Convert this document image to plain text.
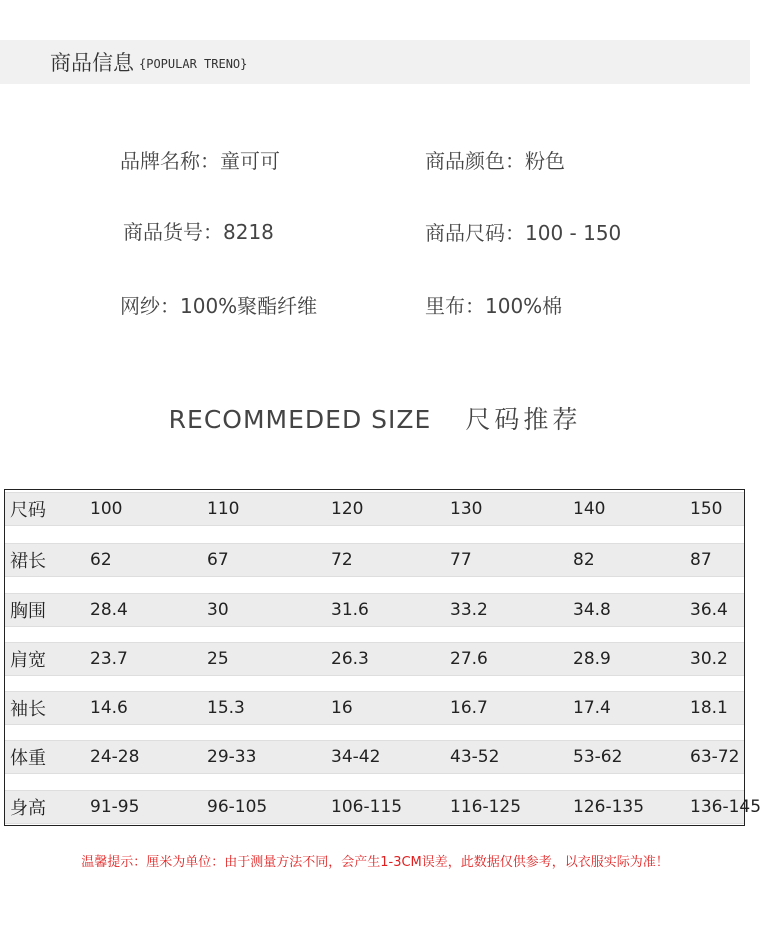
商品信息 {POPULAR TRENO}
品牌名称：童可可	商品颜色：粉色
商品货号：8218	商品尺码：100 - 150
网纱：100%聚酯纤维	里布：100%棉
RECOMMEDED SIZE 尺码推荐
尺码	100	110	120	130	140	150
裙长	62	67	72	77	82	87
胸围	28.4	30	31.6	33.2	34.8	36.4
肩宽	23.7	25	26.3	27.6	28.9	30.2
袖长	14.6	15.3	16	16.7	17.4	18.1
体重	24-28	29-33	34-42	43-52	53-62	63-72
身高	91-95	96-105	106-115	116-125	126-135	136-145
温馨提示：厘米为单位：由于测量方法不同，会产生1-3CM误差，此数据仅供参考，以衣服实际为准！
